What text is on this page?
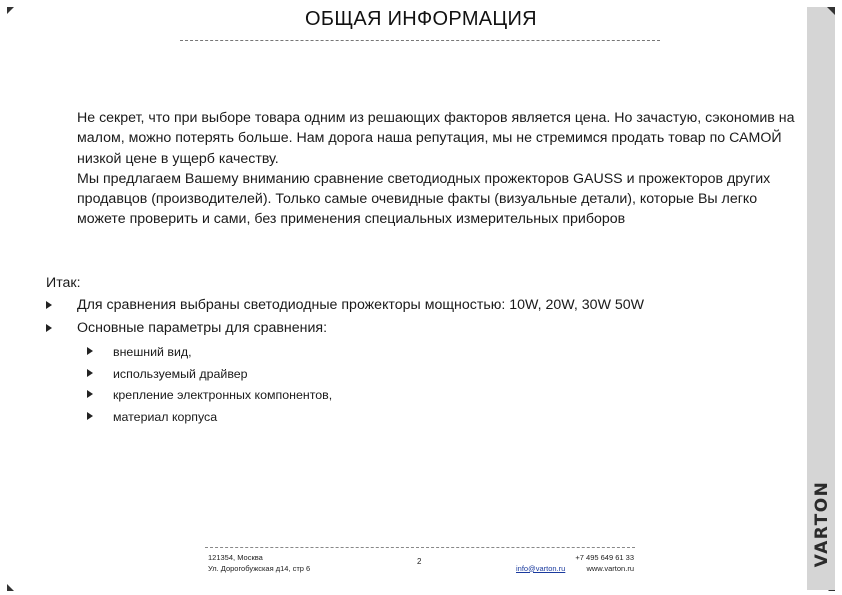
ОБЩАЯ ИНФОРМАЦИЯ

Не секрет, что при выборе товара одним из решающих факторов является цена. Но зачастую, сэкономив на малом, можно потерять больше. Нам дорога наша репутация, мы не стремимся продать товар по САМОЙ низкой цене в ущерб качеству.

Мы предлагаем Вашему вниманию сравнение светодиодных прожекторов GAUSS и прожекторов других продавцов (производителей). Только самые очевидные факты (визуальные детали), которые Вы легко можете проверить и сами, без применения специальных измерительных приборов

Итак:

Для сравнения выбраны светодиодные прожекторы мощностью: 10W, 20W, 30W 50W
Основные параметры для сравнения:
внешний вид,
используемый драйвер
крепление электронных компонентов,
материал корпуса
VARTON
121354, Москва
Ул. Дорогобужская д14, стр 6
2	+7 495 649 61 33
info@varton.ru	www.varton.ru
